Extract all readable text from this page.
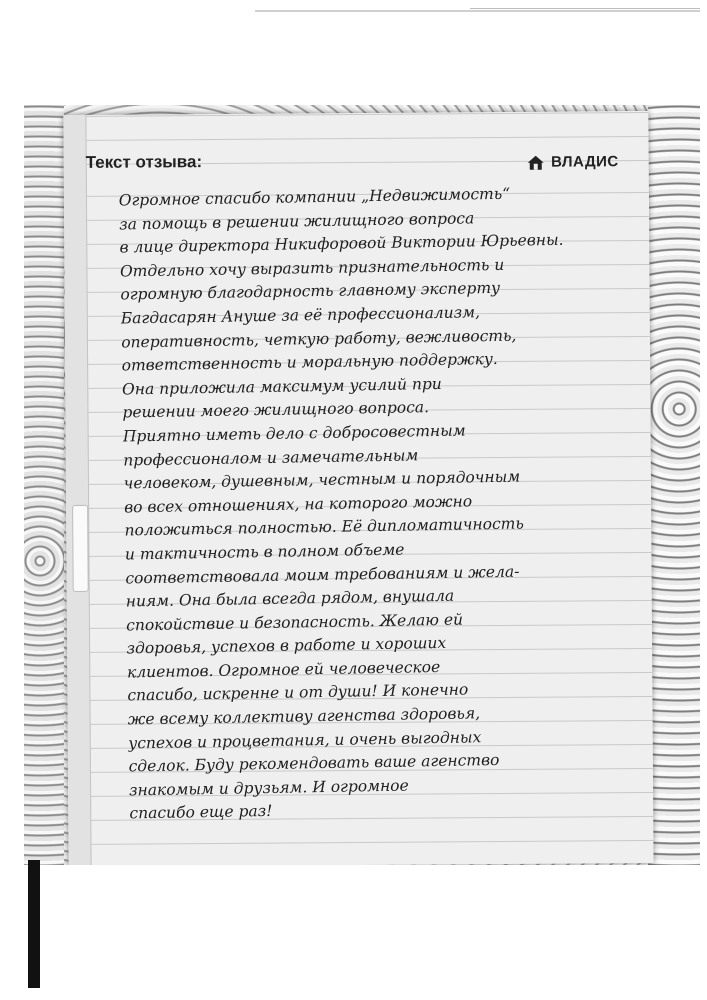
Текст отзыва:	ВЛАДИС
Огромное спасибо компании „Недвижимость“
за помощь в решении жилищного вопроса
в лице директора Никифоровой Виктории Юрьевны.
Отдельно хочу выразить признательность и
огромную благодарность главному эксперту
Багдасарян Ануше за её профессионализм,
оперативность, четкую работу, вежливость,
ответственность и моральную поддержку.
Она приложила максимум усилий при
решении моего жилищного вопроса.
Приятно иметь дело с добросовестным
профессионалом и замечательным
человеком, душевным, честным и порядочным
во всех отношениях, на которого можно
положиться полностью. Её дипломатичность
и тактичность в полном объеме
соответствовала моим требованиям и жела-
ниям. Она была всегда рядом, внушала
спокойствие и безопасность. Желаю ей
здоровья, успехов в работе и хороших
клиентов. Огромное ей человеческое
спасибо, искренне и от души! И конечно
же всему коллективу агенства здоровья,
успехов и процветания, и очень выгодных
сделок. Буду рекомендовать ваше агенство
знакомым и друзьям. И огромное
спасибо еще раз!
